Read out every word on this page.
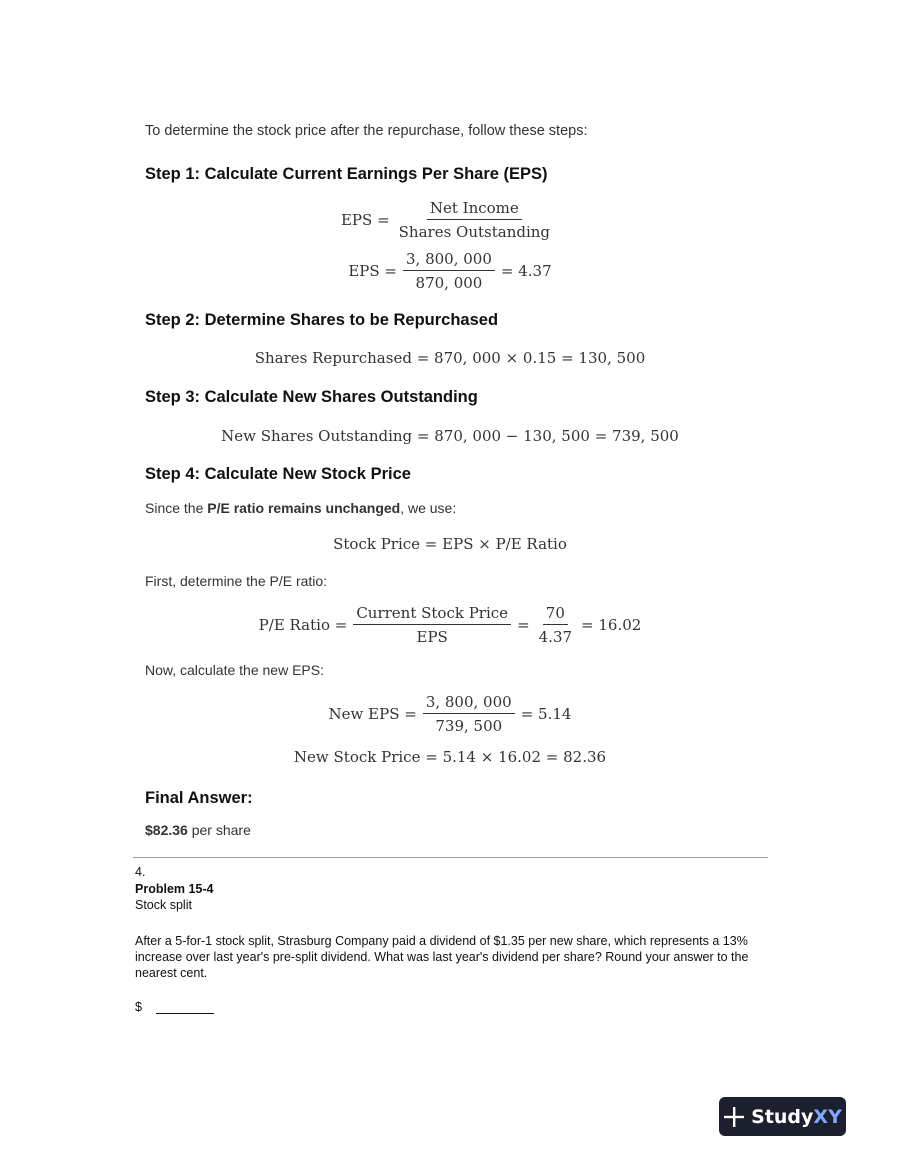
To determine the stock price after the repurchase, follow these steps:
Step 1: Calculate Current Earnings Per Share (EPS)
EPS = $\frac{\text{Net Income}}{\text{Shares Outstanding}}$
EPS = $\frac{3, 800, 000}{870, 000} = 4.37$
Step 2: Determine Shares to be Repurchased
Shares Repurchased = 870, 000 × 0.15 = 130, 500
Step 3: Calculate New Shares Outstanding
New Shares Outstanding = 870, 000 − 130, 500 = 739, 500
Step 4: Calculate New Stock Price
Since the P/E ratio remains unchanged, we use:
Stock Price = EPS × P/E Ratio
First, determine the P/E ratio:
P/E Ratio = $\frac{\text{Current Stock Price}}{\text{EPS}} = \frac{70}{4.37} = 16.02$
Now, calculate the new EPS:
New EPS = $\frac{3, 800, 000}{739, 500} = 5.14$
New Stock Price = 5.14 × 16.02 = 82.36
Final Answer:
$82.36 per share
4.
Problem 15-4
Stock split
After a 5-for-1 stock split, Strasburg Company paid a dividend of $1.35 per new share, which represents a 13% increase over last year's pre-split dividend. What was last year's dividend per share? Round your answer to the nearest cent.
$
Study XY
